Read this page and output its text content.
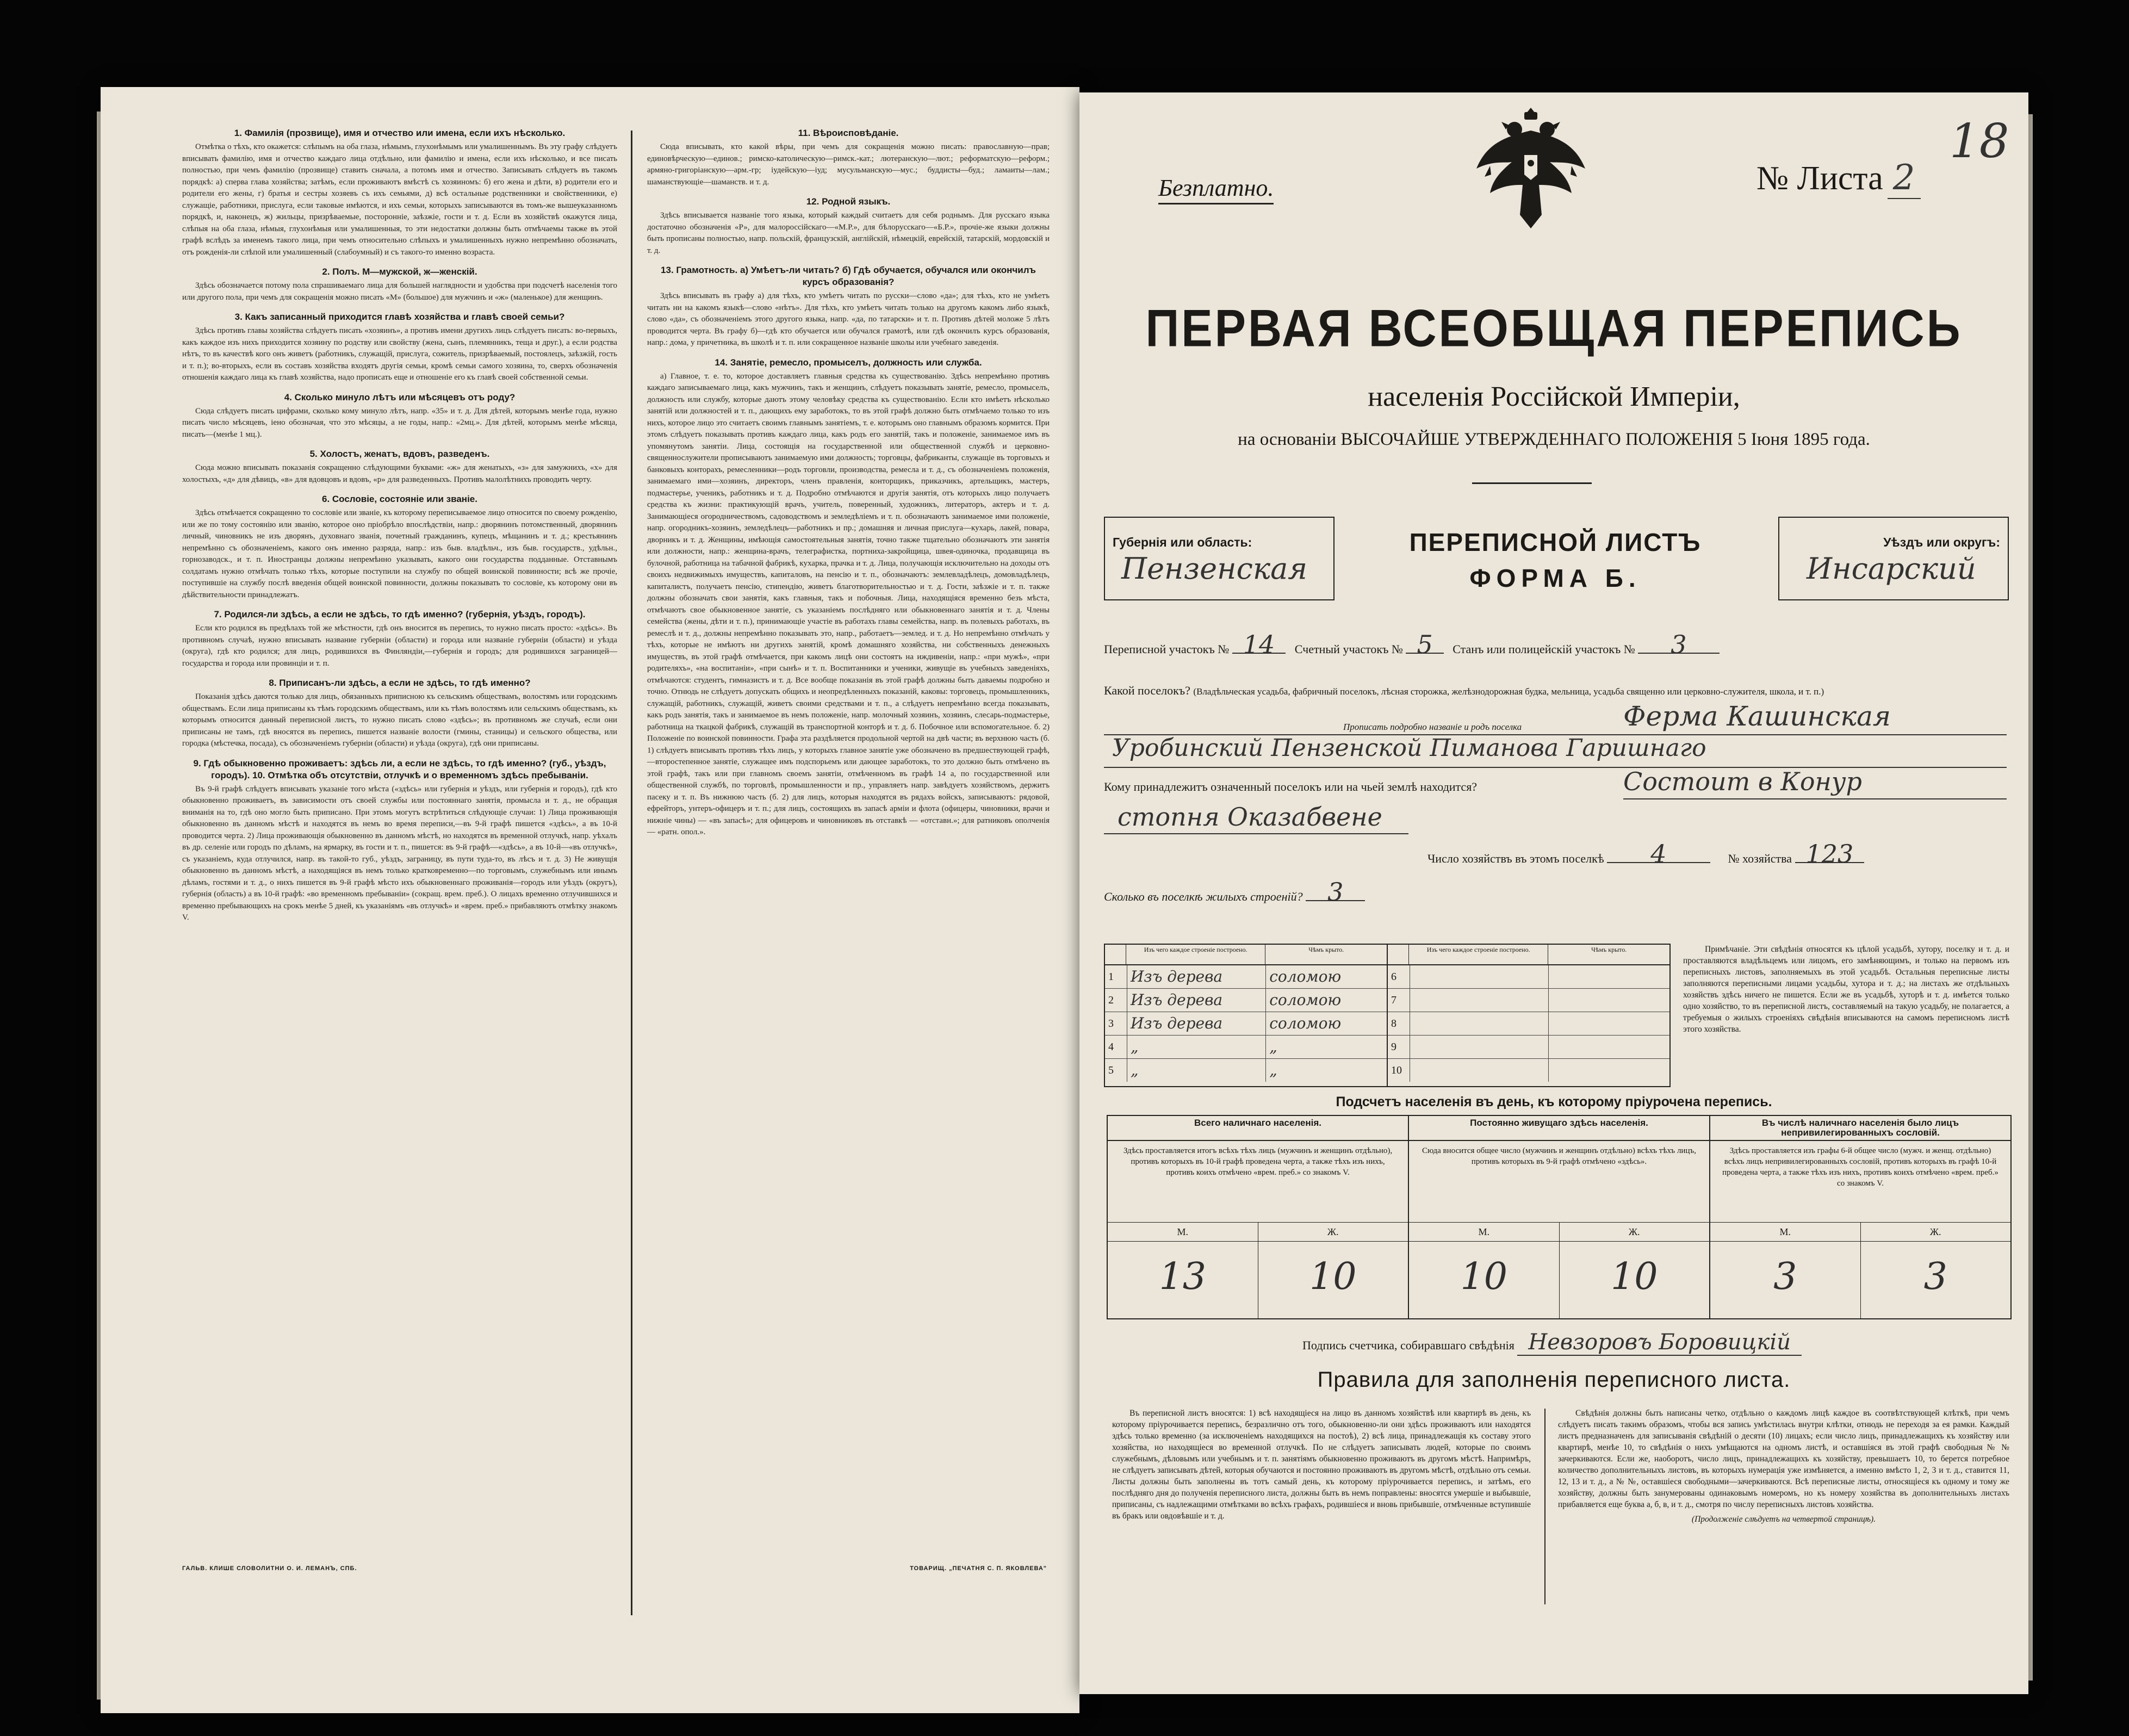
1. Фамилія (прозвище), имя и отчество или имена, если ихъ нѣсколько.

Отмѣтка о тѣхъ, кто окажется: слѣпымъ на оба глаза, нѣмымъ, глухонѣмымъ или умалишеннымъ. Въ эту графу слѣдуетъ вписывать фамилію, имя и отчество каждаго лица отдѣльно, или фамилію и имена, если ихъ нѣсколько, и все писать полностью, при чемъ фамилію (прозвище) ставить сначала, а потомъ имя и отчество. Записывать слѣдуетъ въ такомъ порядкѣ: а) сперва глава хозяйства; затѣмъ, если проживаютъ вмѣстѣ съ хозяиномъ: б) его жена и дѣти, в) родители его и родители его жены, г) братья и сестры хозяевъ съ ихъ семьями, д) всѣ остальные родственники и свойственники, е) служащіе, работники, прислуга, если таковые имѣются, и ихъ семьи, которыхъ записываются въ томъ-же вышеуказанномъ порядкѣ, и, наконецъ, ж) жильцы, призрѣваемые, посторонніе, заѣзжіе, гости и т. д. Если въ хозяйствѣ окажутся лица, слѣпыя на оба глаза, нѣмыя, глухонѣмыя или умалишенныя, то эти недостатки должны быть отмѣчаемы также въ этой графѣ вслѣдъ за именемъ такого лица, при чемъ относительно слѣпыхъ и умалишенныхъ нужно непремѣнно обозначать, отъ рожденія-ли слѣпой или умалишенный (слабоумный) и съ такого-то именно возраста.

2. Полъ. М—мужской, ж—женскій.

Здѣсь обозначается потому пола спрашиваемаго лица для большей наглядности и удобства при подсчетѣ населенія того или другого пола, при чемъ для сокращенія можно писать «М» (большое) для мужчинъ и «ж» (маленькое) для женщинъ.

3. Какъ записанный приходится главѣ хозяйства и главѣ своей семьи?

Здѣсь противъ главы хозяйства слѣдуетъ писать «хозяинъ», а противъ имени другихъ лицъ слѣдуетъ писать: во-первыхъ, какъ каждое изъ нихъ приходится хозяину по родству или свойству (жена, сынъ, племянникъ, теща и друг.), а если родства нѣтъ, то въ качествѣ кого онъ живетъ (работникъ, служащій, прислуга, сожитель, призрѣваемый, постоялецъ, заѣзжій, гость и т. п.); во-вторыхъ, если въ составъ хозяйства входятъ другія семьи, кромѣ семьи самого хозяина, то, сверхъ обозначенія отношенія каждаго лица къ главѣ хозяйства, надо прописать еще и отношеніе его къ главѣ своей собственной семьи.

4. Сколько минуло лѣтъ или мѣсяцевъ отъ роду?

Сюда слѣдуетъ писать цифрами, сколько кому минуло лѣтъ, напр. «35» и т. д. Для дѣтей, которымъ менѣе года, нужно писать число мѣсяцевъ, іено обозначая, что это мѣсяцы, а не годы, напр.: «2мц.». Для дѣтей, которымъ менѣе мѣсяца, писать—(менѣе 1 мц.).

5. Холостъ, женатъ, вдовъ, разведенъ.

Сюда можно вписывать показанія сокращенно слѣдующими буквами: «ж» для женатыхъ, «з» для замужнихъ, «х» для холостыхъ, «д» для дѣвицъ, «в» для вдовцовъ и вдовъ, «р» для разведенныхъ. Противъ малолѣтнихъ проводить черту.

6. Сословіе, состояніе или званіе.

Здѣсь отмѣчается сокращенно то сословіе или званіе, къ которому переписываемое лицо относится по своему рожденію, или же по тому состоянію или званію, которое оно пріобрѣло впослѣдствіи, напр.: дворянинъ потомственный, дворянинъ личный, чиновникъ не изъ дворянъ, духовнаго званія, почетный гражданинъ, купецъ, мѣщанинъ и т. д.; крестьянинъ непремѣнно съ обозначеніемъ, какого онъ именно разряда, напр.: изъ быв. владѣльч., изъ быв. государств., удѣльн., горнозаводск., и т. п. Иностранцы должны непремѣнно указывать, какого они государства подданные. Отставнымъ солдатамъ нужно отмѣчать только тѣхъ, которые поступили на службу по общей воинской повинности; всѣ же прочіе, поступившіе на службу послѣ введенія общей воинской повинности, должны показывать то сословіе, къ которому они въ дѣйствительности принадлежатъ.

7. Родился-ли здѣсь, а если не здѣсь, то гдѣ именно? (губернія, уѣздъ, городъ).

Если кто родился въ предѣлахъ той же мѣстности, гдѣ онъ вносится въ перепись, то нужно писать просто: «здѣсь». Въ противномъ случаѣ, нужно вписывать название губерніи (области) и города или названіе губерніи (области) и уѣзда (округа), гдѣ кто родился; для лицъ, родившихся въ Финляндіи,—губернія и городъ; для родившихся заграницей—государства и города или провинціи и т. п.

8. Приписанъ-ли здѣсь, а если не здѣсь, то гдѣ именно?

Показанія здѣсь даются только для лицъ, обязанныхъ приписною къ сельскимъ обществамъ, волостямъ или городскимъ обществамъ. Если лица приписаны къ тѣмъ городскимъ обществамъ, или къ тѣмъ волостямъ или сельскимъ обществамъ, къ которымъ относится данный переписной листъ, то нужно писать слово «здѣсь»; въ противномъ же случаѣ, если они приписаны не тамъ, гдѣ вносятся въ перепись, пишется названіе волости (гмины, станицы) и сельского общества, или городка (мѣстечка, посада), съ обозначеніемъ губерніи (области) и уѣзда (округа), гдѣ они приписаны.

9. Гдѣ обыкновенно проживаетъ: здѣсь ли, а если не здѣсь, то гдѣ именно? (губ., уѣздъ, городъ). 10. Отмѣтка объ отсутствіи, отлучкѣ и о временномъ здѣсь пребываніи.

Въ 9-й графѣ слѣдуетъ вписывать указаніе того мѣста («здѣсь» или губернія и уѣздъ, или губернія и городъ), гдѣ кто обыкновенно проживаетъ, въ зависимости отъ своей службы или постояннаго занятія, промысла и т. д., не обращая вниманія на то, гдѣ оно могло быть приписано. При этомъ могутъ встрѣтиться слѣдующіе случаи: 1) Лица проживающія обыкновенно въ данномъ мѣстѣ и находятся въ немъ во время переписи,—въ 9-й графѣ пишется «здѣсь», а въ 10-й проводится черта. 2) Лица проживающія обыкновенно въ данномъ мѣстѣ, но находятся въ временной отлучкѣ, напр. уѣхалъ въ др. селеніе или городъ по дѣламъ, на ярмарку, въ гости и т. п., пишется: въ 9-й графѣ—«здѣсь», а въ 10-й—«въ отлучкѣ», съ указаніемъ, куда отлучился, напр. въ такой-то губ., уѣздъ, заграницу, въ пути туда-то, въ лѣсъ и т. д. 3) Не живущія обыкновенно въ данномъ мѣстѣ, а находящіяся въ немъ только кратковременно—по торговымъ, служебнымъ или инымъ дѣламъ, гостями и т. д., о нихъ пишется въ 9-й графѣ мѣсто ихъ обыкновеннаго проживанія—городъ или уѣздъ (округъ), губернія (область) а въ 10-й графѣ: «во временномъ пребываніи» (сокращ. врем. преб.). О лицахъ временно отлучившихся и временно пребывающихъ на срокъ менѣе 5 дней, къ указаніямъ «въ отлучкѣ» и «врем. преб.» прибавляютъ отмѣтку знакомъ V.

11. Вѣроисповѣданіе.

Сюда вписывать, кто какой вѣры, при чемъ для сокращенія можно писать: православную—прав; единовѣрческую—единов.; римско-католическую—римск.-кат.; лютеранскую—лют.; реформатскую—реформ.; армяно-григоріанскую—арм.-гр; іудейскую—іуд; мусульманскую—мус.; буддисты—буд.; ламаиты—лам.; шаманствующіе—шаманств. и т. д.

12. Родной языкъ.

Здѣсь вписывается названіе того языка, который каждый считаетъ для себя роднымъ. Для русскаго языка достаточно обозначенія «Р», для малороссійскаго—«М.Р.», для бѣлорусскаго—«Б.Р.», прочіе-же языки должны быть прописаны полностью, напр. польскій, французскій, англійскій, нѣмецкій, еврейскій, татарскій, мордовскій и т. д.

13. Грамотность. а) Умѣетъ-ли читать? б) Гдѣ обучается, обучался или окончилъ курсъ образованія?

Здѣсь вписывать въ графу а) для тѣхъ, кто умѣетъ читать по русски—слово «да»; для тѣхъ, кто не умѣетъ читать ни на какомъ языкѣ—слово «нѣтъ». Для тѣхъ, кто умѣетъ читать только на другомъ какомъ либо языкѣ, слово «да», съ обозначеніемъ этого другого языка, напр. «да, по татарски» и т. п. Противъ дѣтей моложе 5 лѣтъ проводится черта. Въ графу б)—гдѣ кто обучается или обучался грамотѣ, или гдѣ окончилъ курсъ образованія, напр.: дома, у причетника, въ школѣ и т. п. или сокращенное названіе школы или учебнаго заведенія.

14. Занятіе, ремесло, промыселъ, должность или служба.

а) Главное, т. е. то, которое доставляетъ главныя средства къ существованію. Здѣсь непремѣнно противъ каждаго записываемаго лица, какъ мужчинъ, такъ и женщинъ, слѣдуетъ показывать занятіе, ремесло, промыселъ, должность или службу, которые даютъ этому человѣку средства къ существованію. Если кто имѣетъ нѣсколько занятій или должностей и т. п., дающихъ ему заработокъ, то въ этой графѣ должно быть отмѣчаемо только то изъ нихъ, которое лицо это считаетъ своимъ главнымъ занятіемъ, т. е. которымъ оно главнымъ образомъ кормится. При этомъ слѣдуетъ показывать противъ каждаго лица, какъ родъ его занятій, такъ и положеніе, занимаемое имъ въ упомянутомъ занятіи. Лица, состоящія на государственной или общественной службѣ и церковно-священнослужители прописываютъ занимаемую ими должность; торговцы, фабриканты, служащіе въ торговыхъ и банковыхъ конторахъ, ремесленники—родъ торговли, производства, ремесла и т. д., съ обозначеніемъ положенія, занимаемаго ими—хозяинъ, директоръ, членъ правленія, конторщикъ, приказчикъ, артельщикъ, мастеръ, подмастерье, ученикъ, работникъ и т. д. Подробно отмѣчаются и другія занятія, отъ которыхъ лицо получаетъ средства къ жизни: практикующій врачъ, учитель, поверенный, художникъ, литераторъ, актеръ и т. д. Занимающіеся огородничествомъ, садоводствомъ и земледѣліемъ и т. п. обозначаютъ занимаемое ими положеніе, напр. огородникъ-хозяинъ, земледѣлецъ—работникъ и пр.; домашняя и личная прислуга—кухарь, лакей, повара, дворникъ и т. д. Женщины, имѣющія самостоятельныя занятія, точно также тщательно обозначаютъ эти занятія или должности, напр.: женщина-врачъ, телеграфистка, портниха-закройщица, швея-одиночка, продавщица въ булочной, работница на табачной фабрикѣ, кухарка, прачка и т. д. Лица, получающія исключительно на доходы отъ своихъ недвижимыхъ имуществъ, капиталовъ, на пенсію и т. п., обозначаютъ: землевладѣлецъ, домовладѣлецъ, капиталистъ, получаетъ пенсію, стипендію, живетъ благотворительностью и т. д. Гости, заѣзжіе и т. п. также должны обозначать свои занятія, какъ главныя, такъ и побочныя. Лица, находящіяся временно безъ мѣста, отмѣчаютъ свое обыкновенное занятіе, съ указаніемъ послѣдняго или обыкновеннаго занятія и т. д. Члены семейства (жены, дѣти и т. п.), принимающіе участіе въ работахъ главы семейства, напр. въ полевыхъ работахъ, въ ремеслѣ и т. д., должны непремѣнно показывать это, напр., работаетъ—землед. и т. д. Но непремѣнно отмѣчать у тѣхъ, которые не имѣютъ ни другихъ занятій, кромѣ домашняго хозяйства, ни собственныхъ денежныхъ имуществъ, въ этой графѣ отмѣчается, при какомъ лицѣ они состоятъ на иждивеніи, напр.: «при мужѣ», «при родителяхъ», «на воспитаніи», «при сынѣ» и т. п. Воспитанники и ученики, живущіе въ учебныхъ заведеніяхъ, отмѣчаются: студентъ, гимназистъ и т. д. Все вообще показанія въ этой графѣ должны быть даваемы подробно и точно. Отнюдь не слѣдуетъ допускать общихъ и неопредѣленныхъ показаній, каковы: торговецъ, промышленникъ, служащій, работникъ, служащій, живетъ своими средствами и т. п., а слѣдуетъ непремѣнно всегда показывать, какъ родъ занятія, такъ и занимаемое въ немъ положеніе, напр. молочный хозяинъ, хозяинъ, слесарь-подмастерье, работница на ткацкой фабрикѣ, служащій въ транспортной конторѣ и т. д. б. Побочное или вспомогательное. б. 2) Положеніе по воинской повинности. Графа эта раздѣляется продольной чертой на двѣ части; въ верхнюю часть (б. 1) слѣдуетъ вписывать противъ тѣхъ лицъ, у которыхъ главное занятіе уже обозначено въ предшествующей графѣ,—второстепенное занятіе, служащее имъ подспорьемъ или дающее заработокъ, то это должно быть отмѣчено въ этой графѣ, такъ или при главномъ своемъ занятіи, отмѣченномъ въ графѣ 14 а, по государственной или общественной службѣ, по торговлѣ, промышленности и пр., управляетъ напр. завѣдуетъ хозяйствомъ, держитъ пасеку и т. п. Въ нижнюю часть (б. 2) для лицъ, которыя находятся въ рядахъ войскъ, записываютъ: рядовой, ефрейторъ, унтеръ-офицеръ и т. п.; для лицъ, состоящихъ въ запасѣ армiи и флота (офицеры, чиновники, врачи и нижніе чины) — «въ запасѣ»; для офицеровъ и чиновниковъ въ отставкѣ — «отставн.»; для ратниковъ ополченія — «ратн. опол.».

ГАЛЬВ. КЛИШЕ СЛОВОЛИТНИ О. И. ЛЕМАНЪ, СПБ.	ТОВАРИЩ. „ПЕЧАТНЯ С. П. ЯКОВЛЕВА"
Безплатно.	№ Листа 2
18
ПЕРВАЯ ВСЕОБЩАЯ ПЕРЕПИСЬ
населенія Россiйской Имперiи,
на основаніи ВЫСОЧАЙШЕ УТВЕРЖДЕННАГО ПОЛОЖЕНІЯ 5 Іюня 1895 года.
Губернія или область:
Пензенская
ПЕРЕПИСНОЙ ЛИСТЪ
ФОРМА Б.
Уѣздъ или округъ:
Инсарский
Переписной участокъ № 14 Счетный участокъ № 5 Станъ или полицейскій участокъ № 3
Какой поселокъ? (Владѣльческая усадьба, фабричный поселокъ, лѣсная сторожка, желѣзнодорожная будка, мельница, усадьба священно или церковно-служителя, школа, и т. п.)
Прописать подробно названіе и родъ поселка	Ферма Кашинская
Уробинский Пензенской Пиманова Гаришнаго
Кому принадлежитъ означенный поселокъ или на чьей землѣ находится?	Состоит в Конур
стопня Оказабвене
Число хозяйствъ въ этомъ поселкѣ 4	№ хозяйства 123
Сколько въ поселкѣ жилыхъ строеній? 3
Изъ чего каждое строеніе построено.	Чѣмъ крыто.
1	Изъ дерева	соломою
2	Изъ дерева	соломою
3	Изъ дерева	соломою
4	„	„
5	„	„
Изъ чего каждое строеніе построено.	Чѣмъ крыто.
6
7
8
9
10
Примѣчаніе. Эти свѣдѣнія относятся къ цѣлой усадьбѣ, хутору, поселку и т. д. и проставляются владѣльцемъ или лицомъ, его замѣняющимъ, и только на первомъ изъ переписныхъ листовъ, заполняемыхъ въ этой усадьбѣ. Остальныя переписные листы заполняются переписными лицами усадьбы, хутора и т. д.; на листахъ же отдѣльныхъ хозяйствъ здѣсь ничего не пишется. Если же въ усадьбѣ, хуторѣ и т. д. имѣется только одно хозяйство, то въ переписной листъ, составляемый на такую усадьбу, не полагается, а требуемыя о жилыхъ строеніяхъ свѣдѣнія вписываются на самомъ переписномъ листѣ этого хозяйства.
Подсчетъ населенія въ день, къ которому пріурочена перепись.
Всего наличнаго населенія.
Здѣсь проставляется итогъ всѣхъ тѣхъ лицъ (мужчинъ и женщинъ отдѣльно), противъ которыхъ въ 10-й графѣ проведена черта, а также тѣхъ изъ нихъ, противъ коихъ отмѣчено «врем. преб.» со знакомъ V.
М.	Ж.
13	10
Постоянно живущаго здѣсь населенія.
Сюда вносится общее число (мужчинъ и женщинъ отдѣльно) всѣхъ тѣхъ лицъ, противъ которыхъ въ 9-й графѣ отмѣчено «здѣсь».
М.	Ж.
10	10
Въ числѣ наличнаго населенія было лицъ непривилегированныхъ сословій.
Здѣсь проставляется изъ графы 6-й общее число (мужч. и женщ. отдѣльно) всѣхъ лицъ непривилегированныхъ сословій, противъ которыхъ въ графѣ 10-й проведена черта, а также тѣхъ изъ нихъ, противъ коихъ отмѣчено «врем. преб.» со знакомъ V.
М.	Ж.
3	3
Подпись счетчика, собиравшаго свѣдѣнія Невзоровъ Боровицкій
Правила для заполненія переписного листа.

Въ переписной листъ вносятся: 1) всѣ находящіеся на лицо въ данномъ хозяйствѣ или квартирѣ въ день, къ которому пріурочивается перепись, безразлично отъ того, обыкновенно-ли они здѣсь проживаютъ или находятся здѣсь только временно (за исключеніемъ находящихся на постоѣ), 2) всѣ лица, принадлежащія къ составу этого хозяйства, но находящіеся во временной отлучкѣ. По не слѣдуетъ записывать людей, которые по своимъ служебнымъ, дѣловымъ или учебнымъ и т. п. занятіямъ обыкновенно проживаютъ въ другомъ мѣстѣ. Напримѣръ, не слѣдуетъ записывать дѣтей, которыя обучаются и постоянно проживаютъ въ другомъ мѣстѣ, отдѣльно отъ семьи. Листы должны быть заполнены въ тотъ самый день, къ которому пріурочивается перепись, и затѣмъ, его послѣдняго дня до полученія переписного листа, должны быть въ немъ поправлены: вносятся умершіе и выбывшіе, приписаны, съ надлежащими отмѣтками во всѣхъ графахъ, родившіеся и вновь прибывшіе, отмѣченные вступившіе въ бракъ или овдовѣвшіе и т. д.

Свѣдѣнія должны быть написаны четко, отдѣльно о каждомъ лицѣ каждое въ соотвѣтствующей клѣткѣ, при чемъ слѣдуетъ писать такимъ образомъ, чтобы вся запись умѣстилась внутри клѣтки, отнюдь не переходя за ея рамки. Каждый листъ предназначенъ для записыванія свѣдѣній о десяти (10) лицахъ; если число лицъ, принадлежащихъ къ хозяйству или квартирѣ, менѣе 10, то свѣдѣнія о нихъ умѣщаются на одномъ листѣ, и оставшіяся въ этой графѣ свободныя № № зачеркиваются. Если же, наоборотъ, число лицъ, принадлежащихъ къ хозяйству, превышаетъ 10, то берется потребное количество дополнительныхъ листовъ, въ которыхъ нумерація уже измѣняется, а именно вмѣсто 1, 2, 3 и т. д., ставится 11, 12, 13 и т. д., а № №, оставшіеся свободными—зачеркиваются. Всѣ переписные листы, относящіеся къ одному и тому же хозяйству, должны быть занумерованы одинаковымъ номеромъ, но къ номеру хозяйства въ дополнительныхъ листахъ прибавляется еще буква а, б, в, и т. д., смотря по числу переписныхъ листовъ хозяйства.

(Продолженіе слѣдуетъ на четвертой страницѣ).
